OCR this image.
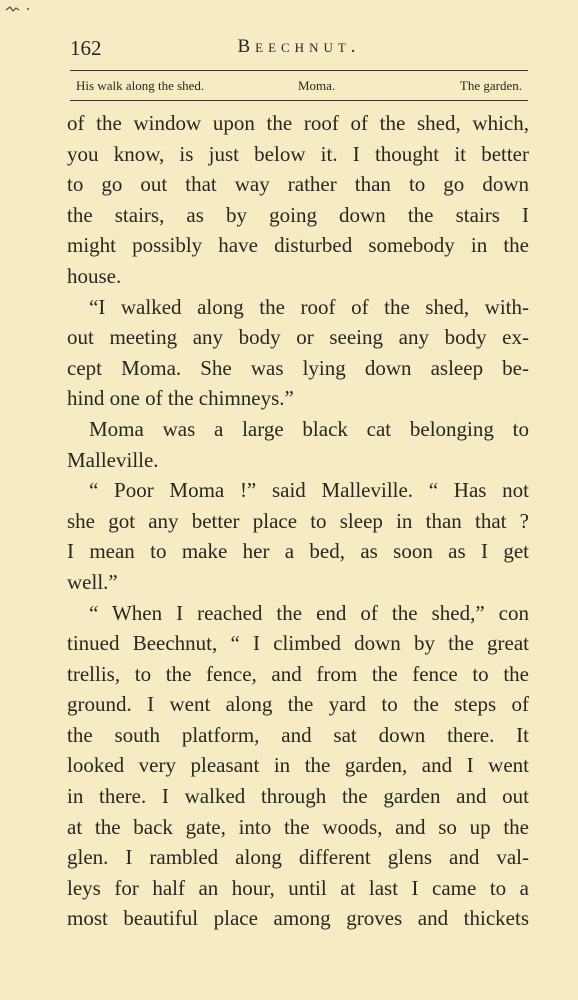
162	Beechnut.
His walk along the shed.	Moma.	The garden.
of the window upon the roof of the shed, which,
you know, is just below it. I thought it better
to go out that way rather than to go down
the stairs, as by going down the stairs I
might possibly have disturbed somebody in the
house.
“I walked along the roof of the shed, with-
out meeting any body or seeing any body ex-
cept Moma. She was lying down asleep be-
hind one of the chimneys.”
Moma was a large black cat belonging to
Malleville.
“ Poor Moma !” said Malleville. “ Has not
she got any better place to sleep in than that ?
I mean to make her a bed, as soon as I get
well.”
“ When I reached the end of the shed,” con
tinued Beechnut, “ I climbed down by the great
trellis, to the fence, and from the fence to the
ground. I went along the yard to the steps of
the south platform, and sat down there. It
looked very pleasant in the garden, and I went
in there. I walked through the garden and out
at the back gate, into the woods, and so up the
glen. I rambled along different glens and val-
leys for half an hour, until at last I came to a
most beautiful place among groves and thickets
